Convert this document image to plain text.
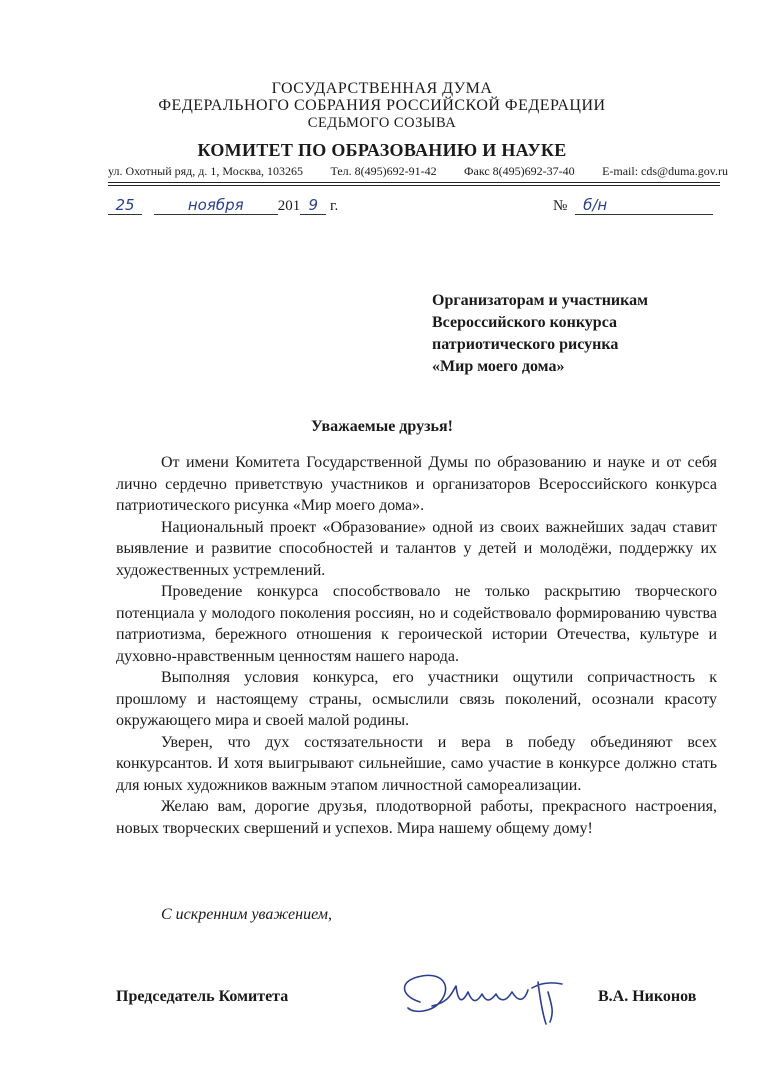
ГОСУДАРСТВЕННАЯ ДУМА
ФЕДЕРАЛЬНОГО СОБРАНИЯ РОССИЙСКОЙ ФЕДЕРАЦИИ
СЕДЬМОГО СОЗЫВА
КОМИТЕТ ПО ОБРАЗОВАНИЮ И НАУКЕ
ул. Охотный ряд, д. 1, Москва, 103265 Тел. 8(495)692-91-42 Факс 8(495)692-37-40 E-mail: cds@duma.gov.ru
25	ноября 201 9 г.	№ б/н
Организаторам и участникам
Всероссийского конкурса
патриотического рисунка
«Мир моего дома»
Уважаемые друзья!

От имени Комитета Государственной Думы по образованию и науке и от себя лично сердечно приветствую участников и организаторов Всероссийского конкурса патриотического рисунка «Мир моего дома».

Национальный проект «Образование» одной из своих важнейших задач ставит выявление и развитие способностей и талантов у детей и молодёжи, поддержку их художественных устремлений.

Проведение конкурса способствовало не только раскрытию творческого потенциала у молодого поколения россиян, но и содействовало формированию чувства патриотизма, бережного отношения к героической истории Отечества, культуре и духовно-нравственным ценностям нашего народа.

Выполняя условия конкурса, его участники ощутили сопричастность к прошлому и настоящему страны, осмыслили связь поколений, осознали красоту окружающего мира и своей малой родины.

Уверен, что дух состязательности и вера в победу объединяют всех конкурсантов. И хотя выигрывают сильнейшие, само участие в конкурсе должно стать для юных художников важным этапом личностной самореализации.

Желаю вам, дорогие друзья, плодотворной работы, прекрасного настроения, новых творческих свершений и успехов. Мира нашему общему дому!

С искренним уважением,
Председатель Комитета	В.А. Никонов
